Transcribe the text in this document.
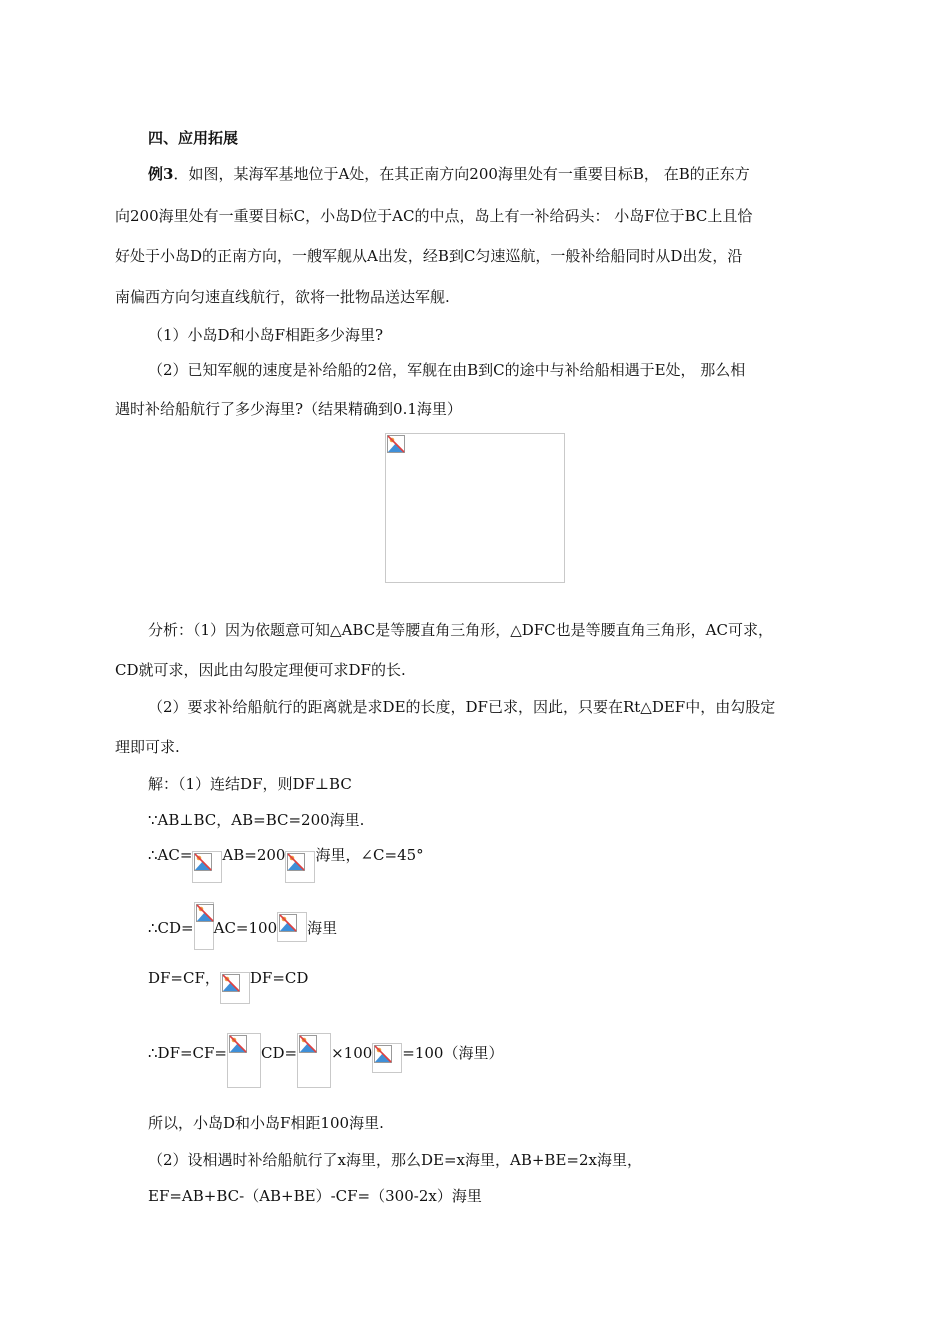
四、应用拓展
例3．如图，某海军基地位于A处，在其正南方向200海里处有一重要目标B， 在B的正东方
向200海里处有一重要目标C，小岛D位于AC的中点，岛上有一补给码头： 小岛F位于BC上且恰
好处于小岛D的正南方向，一艘军舰从A出发，经B到C匀速巡航，一般补给船同时从D出发，沿
南偏西方向匀速直线航行，欲将一批物品送达军舰.
（1）小岛D和小岛F相距多少海里?
（2）已知军舰的速度是补给船的2倍，军舰在由B到C的途中与补给船相遇于E处， 那么相
遇时补给船航行了多少海里?（结果精确到0.1海里）
分析：（1）因为依题意可知△ABC是等腰直角三角形，△DFC也是等腰直角三角形，AC可求，
CD就可求，因此由勾股定理便可求DF的长.
（2）要求补给船航行的距离就是求DE的长度，DF已求，因此，只要在Rt△DEF中，由勾股定
理即可求.
解：（1）连结DF，则DF⊥BC
∵AB⊥BC，AB=BC=200海里.
∴AC= AB=200 海里，∠C=45°
∴CD= AC=100 海里
DF=CF， DF=CD
∴DF=CF= CD= ×100 =100（海里）
所以，小岛D和小岛F相距100海里.
（2）设相遇时补给船航行了x海里，那么DE=x海里，AB+BE=2x海里，
EF=AB+BC-（AB+BE）-CF=（300-2x）海里
